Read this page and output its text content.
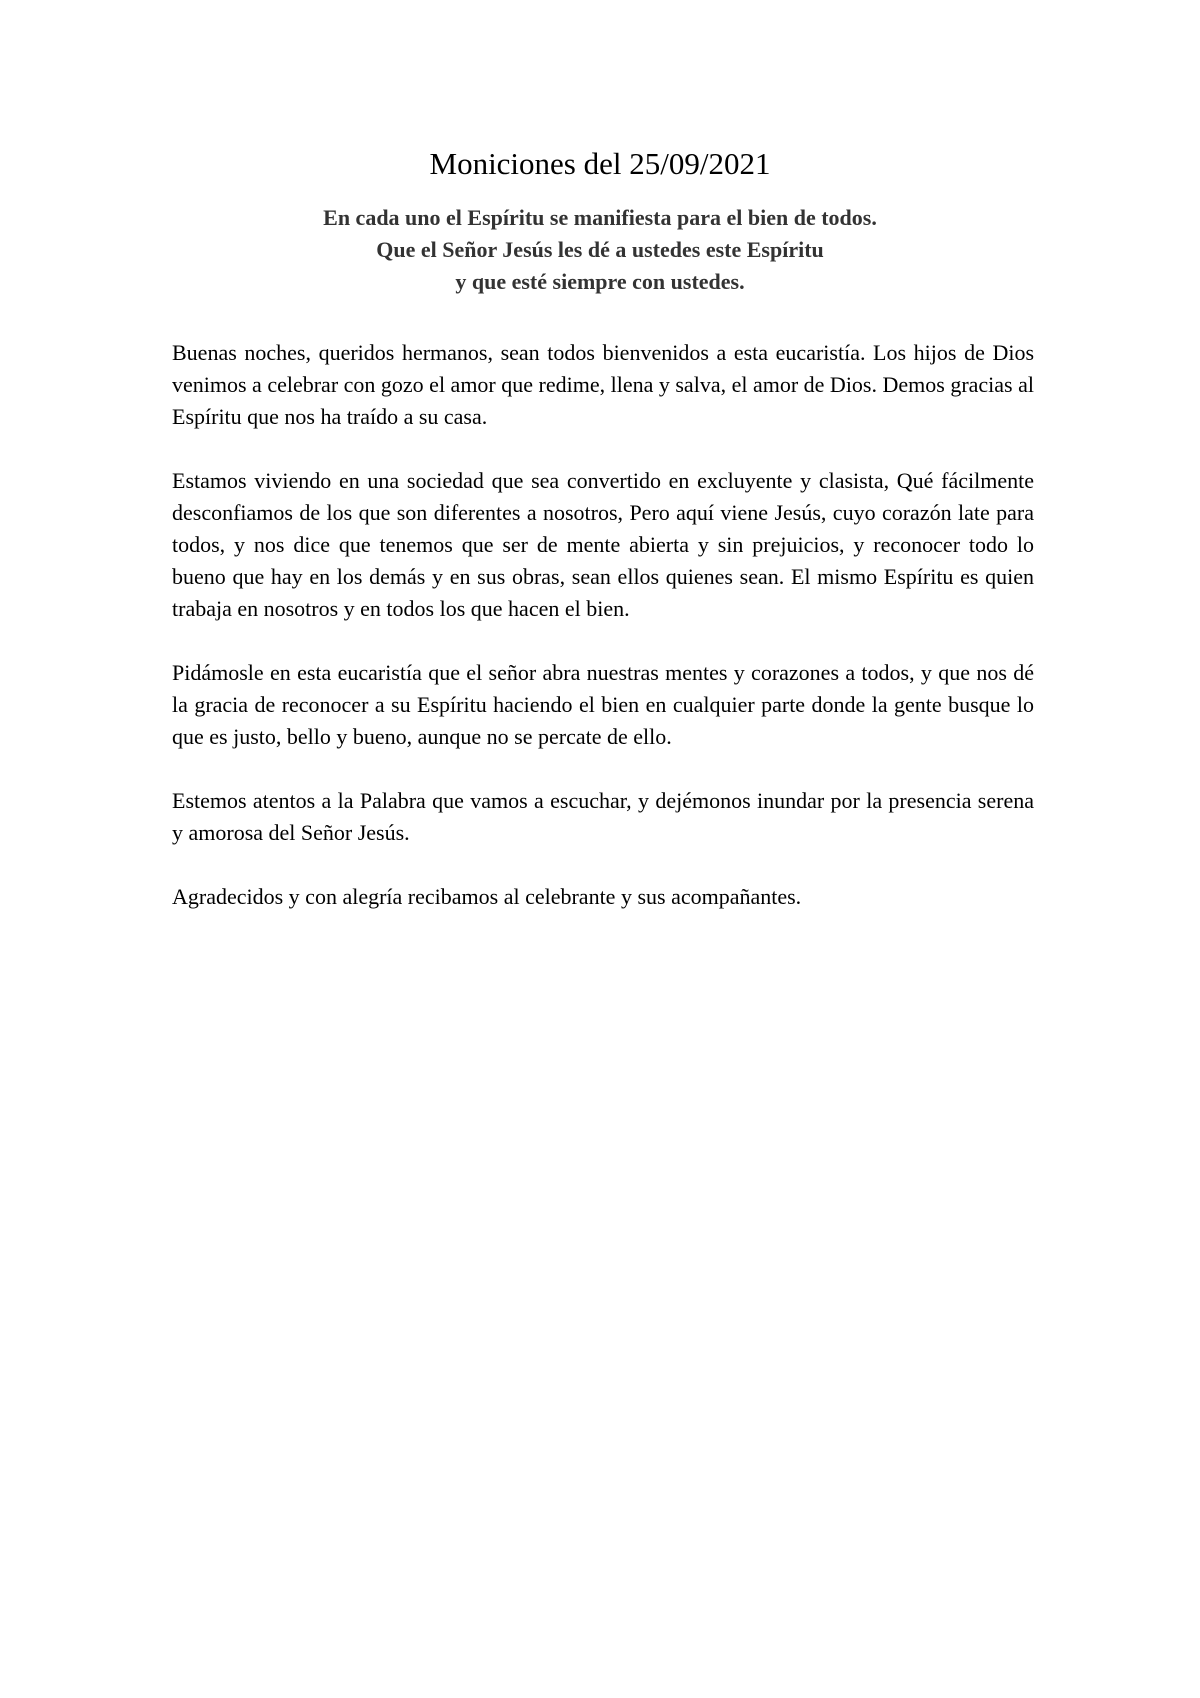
Moniciones del 25/09/2021
En cada uno el Espíritu se manifiesta para el bien de todos.
Que el Señor Jesús les dé a ustedes este Espíritu
y que esté siempre con ustedes.

Buenas noches, queridos hermanos, sean todos bienvenidos a esta eucaristía. Los hijos de Dios venimos a celebrar con gozo el amor que redime, llena y salva, el amor de Dios. Demos gracias al Espíritu que nos ha traído a su casa.

Estamos viviendo en una sociedad que sea convertido en excluyente y clasista, Qué fácilmente desconfiamos de los que son diferentes a nosotros, Pero aquí viene Jesús, cuyo corazón late para todos, y nos dice que tenemos que ser de mente abierta y sin prejuicios, y reconocer todo lo bueno que hay en los demás y en sus obras, sean ellos quienes sean. El mismo Espíritu es quien trabaja en nosotros y en todos los que hacen el bien.

Pidámosle en esta eucaristía que el señor abra nuestras mentes y corazones a todos, y que nos dé la gracia de reconocer a su Espíritu haciendo el bien en cualquier parte donde la gente busque lo que es justo, bello y bueno, aunque no se percate de ello.

Estemos atentos a la Palabra que vamos a escuchar, y dejémonos inundar por la presencia serena y amorosa del Señor Jesús.

Agradecidos y con alegría recibamos al celebrante y sus acompañantes.
